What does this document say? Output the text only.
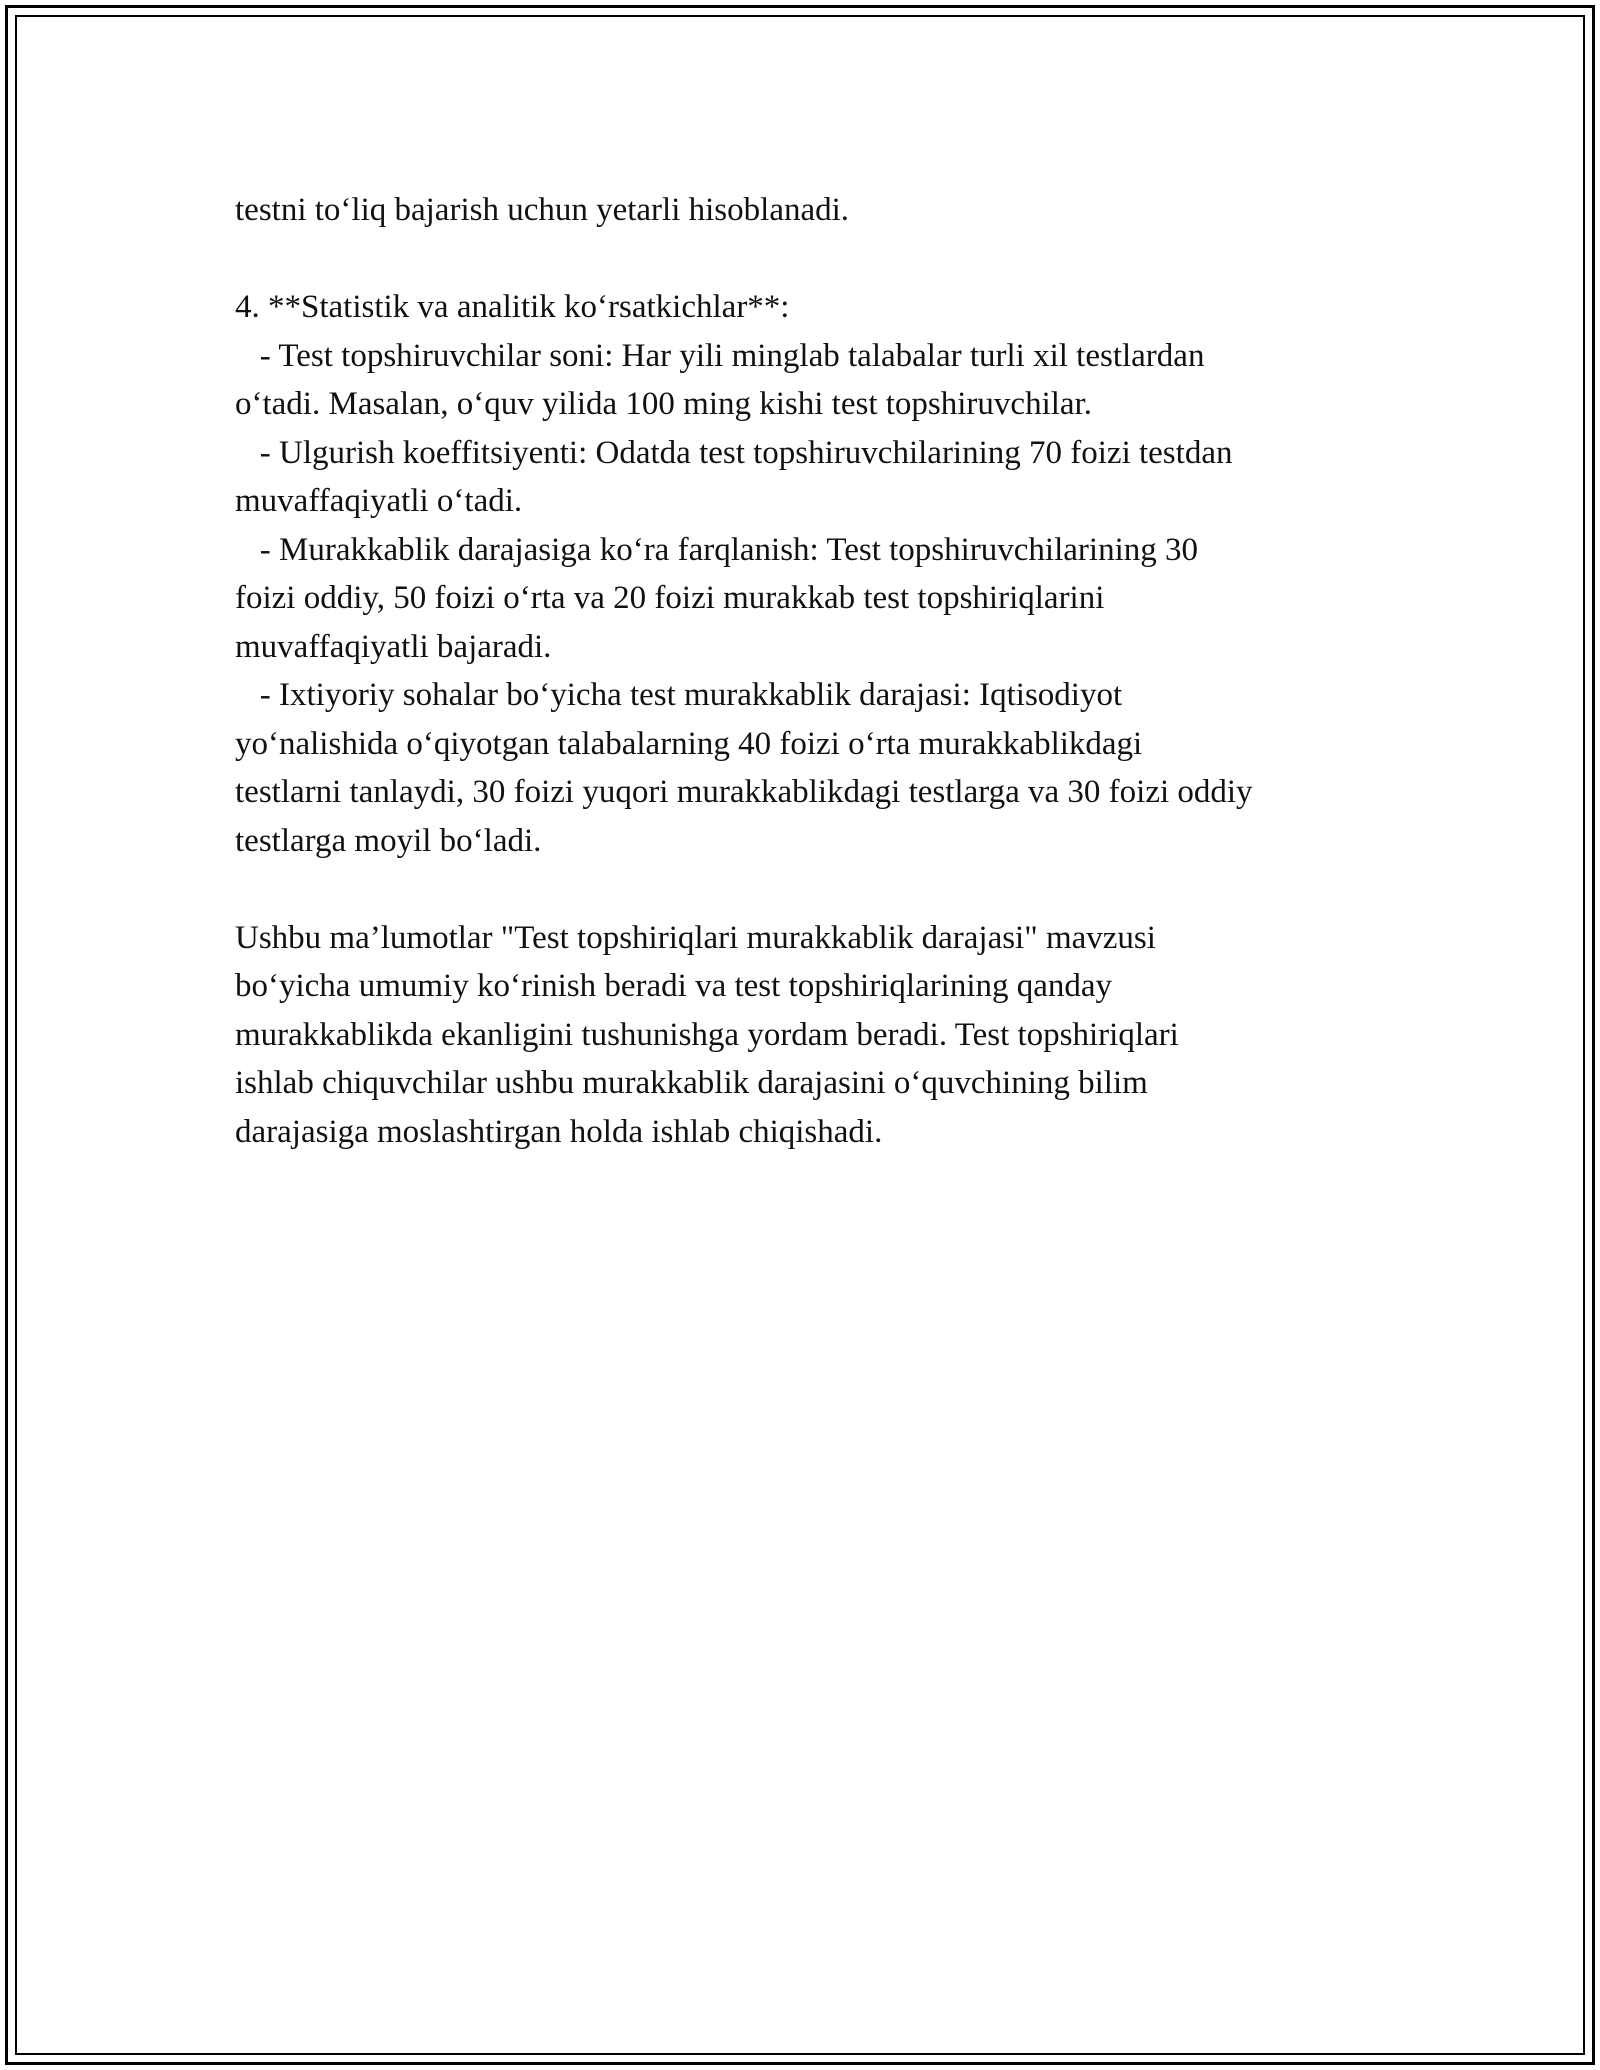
testni to‘liq bajarish uchun yetarli hisoblanadi.
4. **Statistik va analitik ko‘rsatkichlar**:
- Test topshiruvchilar soni: Har yili minglab talabalar turli xil testlardan
o‘tadi. Masalan, o‘quv yilida 100 ming kishi test topshiruvchilar.
- Ulgurish koeffitsiyenti: Odatda test topshiruvchilarining 70 foizi testdan
muvaffaqiyatli o‘tadi.
- Murakkablik darajasiga ko‘ra farqlanish: Test topshiruvchilarining 30
foizi oddiy, 50 foizi o‘rta va 20 foizi murakkab test topshiriqlarini
muvaffaqiyatli bajaradi.
- Ixtiyoriy sohalar bo‘yicha test murakkablik darajasi: Iqtisodiyot
yo‘nalishida o‘qiyotgan talabalarning 40 foizi o‘rta murakkablikdagi
testlarni tanlaydi, 30 foizi yuqori murakkablikdagi testlarga va 30 foizi oddiy
testlarga moyil bo‘ladi.
Ushbu ma’lumotlar "Test topshiriqlari murakkablik darajasi" mavzusi
bo‘yicha umumiy ko‘rinish beradi va test topshiriqlarining qanday
murakkablikda ekanligini tushunishga yordam beradi. Test topshiriqlari
ishlab chiquvchilar ushbu murakkablik darajasini o‘quvchining bilim
darajasiga moslashtirgan holda ishlab chiqishadi.
